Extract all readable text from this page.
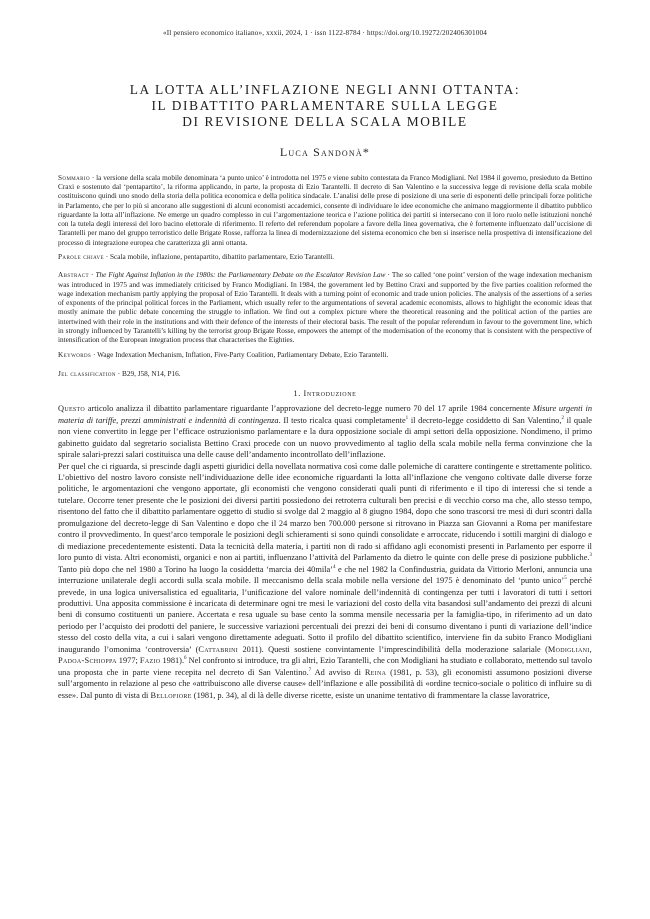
«Il pensiero economico italiano», xxxii, 2024, 1 · issn 1122-8784 · https://doi.org/10.19272/202406301004
LA LOTTA ALL’INFLAZIONE NEGLI ANNI OTTANTA:
IL DIBATTITO PARLAMENTARE SULLA LEGGE
DI REVISIONE DELLA SCALA MOBILE
Luca Sandonà*
Sommario · la versione della scala mobile denominata ‘a punto unico’ è introdotta nel 1975 e viene subito contestata da Franco Modigliani. Nel 1984 il governo, presieduto da Bettino Craxi e sostenuto dal ‘pentapartito’, la riforma applicando, in parte, la proposta di Ezio Tarantelli. Il decreto di San Valentino e la successiva legge di revisione della scala mobile costituiscono quindi uno snodo della storia della politica economica e della politica sindacale. L’analisi delle prese di posizione di una serie di esponenti delle principali forze politiche in Parlamento, che per lo più si ancorano alle suggestioni di alcuni economisti accademici, consente di individuare le idee economiche che animano maggiormente il dibattito pubblico riguardante la lotta all’inflazione. Ne emerge un quadro complesso in cui l’argomentazione teorica e l’azione politica dei partiti si intersecano con il loro ruolo nelle istituzioni nonché con la tutela degli interessi del loro bacino elettorale di riferimento. Il referto del referendum popolare a favore della linea governativa, che è fortemente influenzato dall’uccisione di Tarantelli per mano del gruppo terroristico delle Brigate Rosse, rafforza la linea di modernizzazione del sistema economico che ben si inserisce nella prospettiva di intensificazione del processo di integrazione europea che caratterizza gli anni ottanta.
Parole chiave · Scala mobile, inflazione, pentapartito, dibattito parlamentare, Ezio Tarantelli.
Abstract · The Fight Against Inflation in the 1980s: the Parliamentary Debate on the Escalator Revision Law · The so called ‘one point’ version of the wage indexation mechanism was introduced in 1975 and was immediately criticised by Franco Modigliani. In 1984, the government led by Bettino Craxi and supported by the five parties coalition reformed the wage indexation mechanism partly applying the proposal of Ezio Tarantelli. It deals with a turning point of economic and trade union policies. The analysis of the assertions of a series of exponents of the principal political forces in the Parliament, which usually refer to the argumentations of several academic economists, allows to highlight the economic ideas that mostly animate the public debate concerning the struggle to inflation. We find out a complex picture where the theoretical reasoning and the political action of the parties are intertwined with their role in the institutions and with their defence of the interests of their electoral basis. The result of the popular referendum in favour to the government line, which in strongly influenced by Tarantelli’s killing by the terrorist group Brigate Rosse, empowers the attempt of the modernisation of the economy that is consistent with the perspective of intensification of the European integration process that characterises the Eighties.
Keywords · Wage Indexation Mechanism, Inflation, Five-Party Coalition, Parliamentary Debate, Ezio Tarantelli.
Jel classification · B29, J58, N14, P16.
1. Introduzione

Questo articolo analizza il dibattito parlamentare riguardante l’approvazione del decreto-legge numero 70 del 17 aprile 1984 concernente Misure urgenti in materia di tariffe, prezzi amministrati e indennità di contingenza. Il testo ricalca quasi completamente$^1$ il decreto-legge cosiddetto di San Valentino,$^2$ il quale non viene convertito in legge per l’efficace ostruzionismo parlamentare e la dura opposizione sociale di ampi settori della opposizione. Nondimeno, il primo gabinetto guidato dal segretario socialista Bettino Craxi procede con un nuovo provvedimento al taglio della scala mobile nella ferma convinzione che la spirale salari-prezzi salari costituisca una delle cause dell’andamento incontrollato dell’inflazione.

Per quel che ci riguarda, si prescinde dagli aspetti giuridici della novellata normativa così come dalle polemiche di carattere contingente e strettamente politico. L’obiettivo del nostro lavoro consiste nell’individuazione delle idee economiche riguardanti la lotta all’inflazione che vengono coltivate dalle diverse forze politiche, le argomentazioni che vengono apportate, gli economisti che vengono considerati quali punti di riferimento e il tipo di interessi che si tende a tutelare. Occorre tener presente che le posizioni dei diversi partiti possiedono dei retroterra culturali ben precisi e di vecchio corso ma che, allo stesso tempo, risentono del fatto che il dibattito parlamentare oggetto di studio si svolge dal 2 maggio al 8 giugno 1984, dopo che sono trascorsi tre mesi di duri scontri dalla promulgazione del decreto-legge di San Valentino e dopo che il 24 marzo ben 700.000 persone si ritrovano in Piazza san Giovanni a Roma per manifestare contro il provvedimento. In quest’arco temporale le posizioni degli schieramenti si sono quindi consolidate e arroccate, riducendo i sottili margini di dialogo e di mediazione precedentemente esistenti. Data la tecnicità della materia, i partiti non di rado si affidano agli economisti presenti in Parlamento per esporre il loro punto di vista. Altri economisti, organici e non ai partiti, influenzano l’attività del Parlamento da dietro le quinte con delle prese di posizione pubbliche.$^3$ Tanto più dopo che nel 1980 a Torino ha luogo la cosiddetta ‘marcia dei 40mila’$^4$ e che nel 1982 la Confindustria, guidata da Vittorio Merloni, annuncia una interruzione unilaterale degli accordi sulla scala mobile. Il meccanismo della scala mobile nella versione del 1975 è denominato del ‘punto unico’$^5$ perché prevede, in una logica universalistica ed egualitaria, l’unificazione del valore nominale dell’indennità di contingenza per tutti i lavoratori di tutti i settori produttivi. Una apposita commissione è incaricata di determinare ogni tre mesi le variazioni del costo della vita basandosi sull’andamento dei prezzi di alcuni beni di consumo costituenti un paniere. Accertata e resa uguale su base cento la somma mensile necessaria per la famiglia-tipo, in riferimento ad un dato periodo per l’acquisto dei prodotti del paniere, le successive variazioni percentuali dei prezzi dei beni di consumo diventano i punti di variazione dell’indice stesso del costo della vita, a cui i salari vengono direttamente adeguati. Sotto il profilo del dibattito scientifico, interviene fin da subito Franco Modigliani inaugurando l’omonima ‘controversia’ (Cattabrini 2011). Questi sostiene convintamente l’imprescindibilità della moderazione salariale (Modigliani, Padoa-Schioppa 1977; Fazio 1981).$^6$ Nel confronto si introduce, tra gli altri, Ezio Tarantelli, che con Modigliani ha studiato e collaborato, mettendo sul tavolo una proposta che in parte viene recepita nel decreto di San Valentino.$^7$ Ad avviso di Reina (1981, p. 53), gli economisti assumono posizioni diverse sull’argomento in relazione al peso che «attribuiscono alle diverse cause» dell’inflazione e alle possibilità di «ordine tecnico-sociale o politico di influire su di esse». Dal punto di vista di Bellofiore (1981, p. 34), al di là delle diverse ricette, esiste un unanime tentativo di frammentare la classe lavoratrice,
